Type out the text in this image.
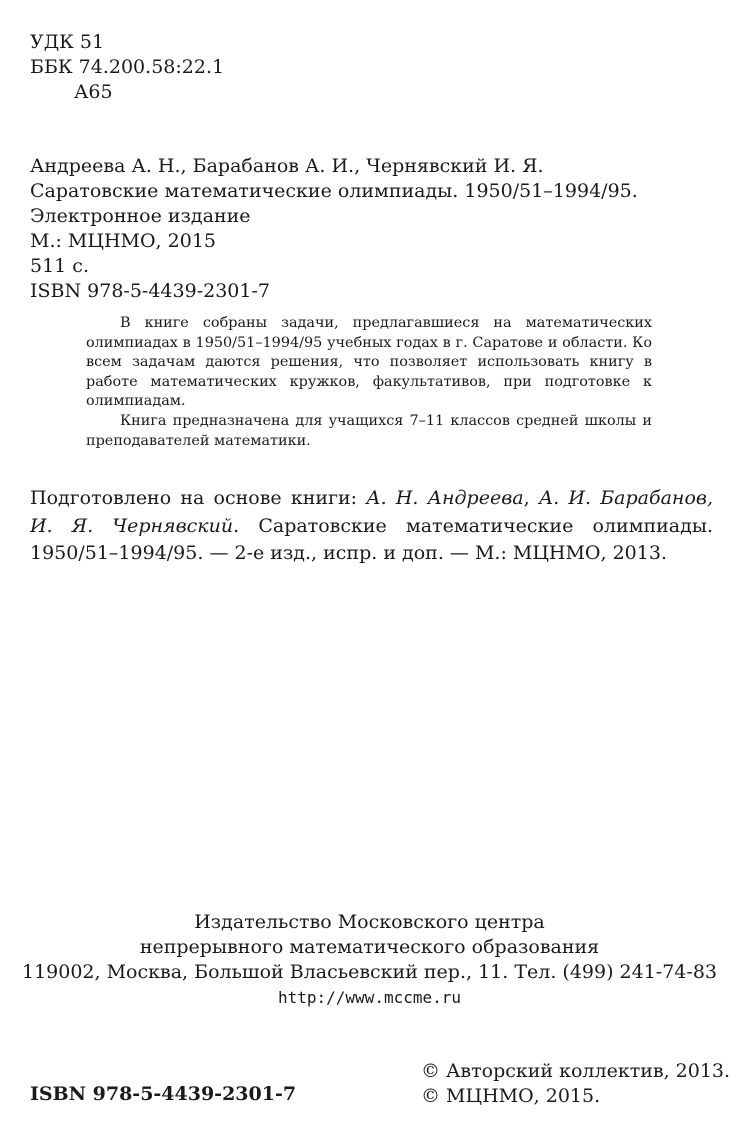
УДК 51
ББК 74.200.58:22.1
А65
Андреева А. Н., Барабанов А. И., Чернявский И. Я.
Саратовские математические олимпиады. 1950/51–1994/95.
Электронное издание
М.: МЦНМО, 2015
511 с.
ISBN 978-5-4439-2301-7

В книге собраны задачи, предлагавшиеся на математических олимпиадах в 1950/51–1994/95 учебных годах в г. Саратове и области. Ко всем задачам даются решения, что позволяет использовать книгу в работе математических кружков, факультативов, при подготовке к олимпиадам.

Книга предназначена для учащихся 7–11 классов средней школы и преподавателей математики.

Подготовлено на основе книги: А. Н. Андреева, А. И. Барабанов, И. Я. Чернявский. Саратовские математические олимпиады. 1950/51–1994/95. — 2-е изд., испр. и доп. — М.: МЦНМО, 2013.
Издательство Московского центра
непрерывного математического образования
119002, Москва, Большой Власьевский пер., 11. Тел. (499) 241-74-83
http://www.mccme.ru
ISBN 978-5-4439-2301-7
© Авторский коллектив, 2013.
© МЦНМО, 2015.
